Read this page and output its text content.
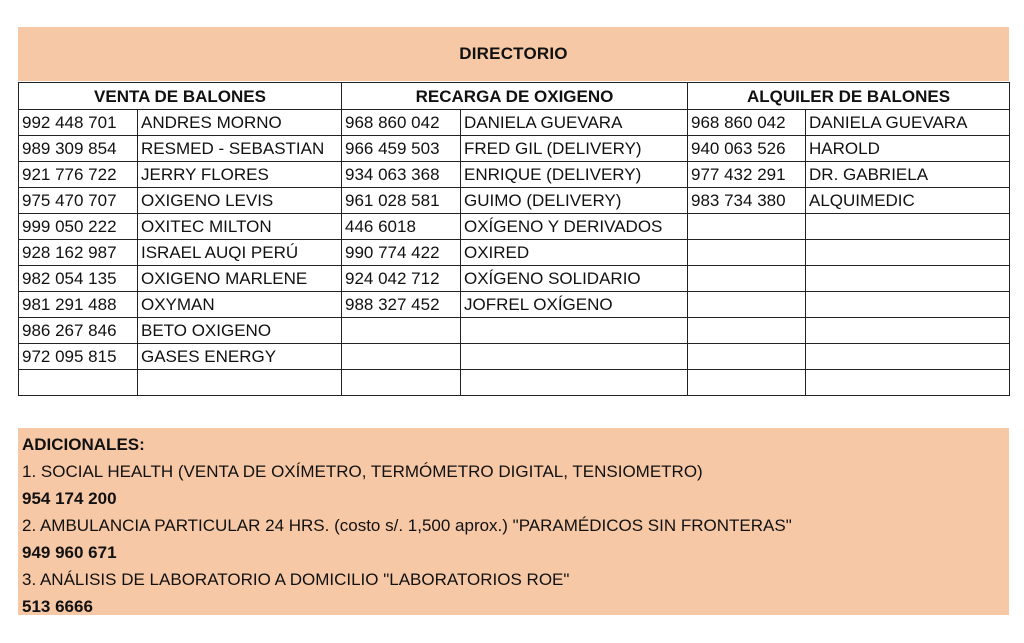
DIRECTORIO
VENTA DE BALONES		RECARGA DE OXIGENO		ALQUILER DE BALONES	
992 448 701	ANDRES MORNO	968 860 042	DANIELA GUEVARA	968 860 042	DANIELA GUEVARA
989 309 854	RESMED - SEBASTIAN	966 459 503	FRED GIL (DELIVERY)	940 063 526	HAROLD
921 776 722	JERRY FLORES	934 063 368	ENRIQUE (DELIVERY)	977 432 291	DR. GABRIELA
975 470 707	OXIGENO LEVIS	961 028 581	GUIMO (DELIVERY)	983 734 380	ALQUIMEDIC
999 050 222	OXITEC MILTON	446 6018	OXÍGENO Y DERIVADOS		
928 162 987	ISRAEL AUQI PERÚ	990 774 422	OXIRED		
982 054 135	OXIGENO MARLENE	924 042 712	OXÍGENO SOLIDARIO		
981 291 488	OXYMAN	988 327 452	JOFREL OXÍGENO		
986 267 846	BETO OXIGENO				
972 095 815	GASES ENERGY				

ADICIONALES:
1. SOCIAL HEALTH (VENTA DE OXÍMETRO, TERMÓMETRO DIGITAL, TENSIOMETRO)
954 174 200
2. AMBULANCIA PARTICULAR 24 HRS. (costo s/. 1,500 aprox.) "PARAMÉDICOS SIN FRONTERAS"
949 960 671
3. ANÁLISIS DE LABORATORIO A DOMICILIO "LABORATORIOS ROE"
513 6666
